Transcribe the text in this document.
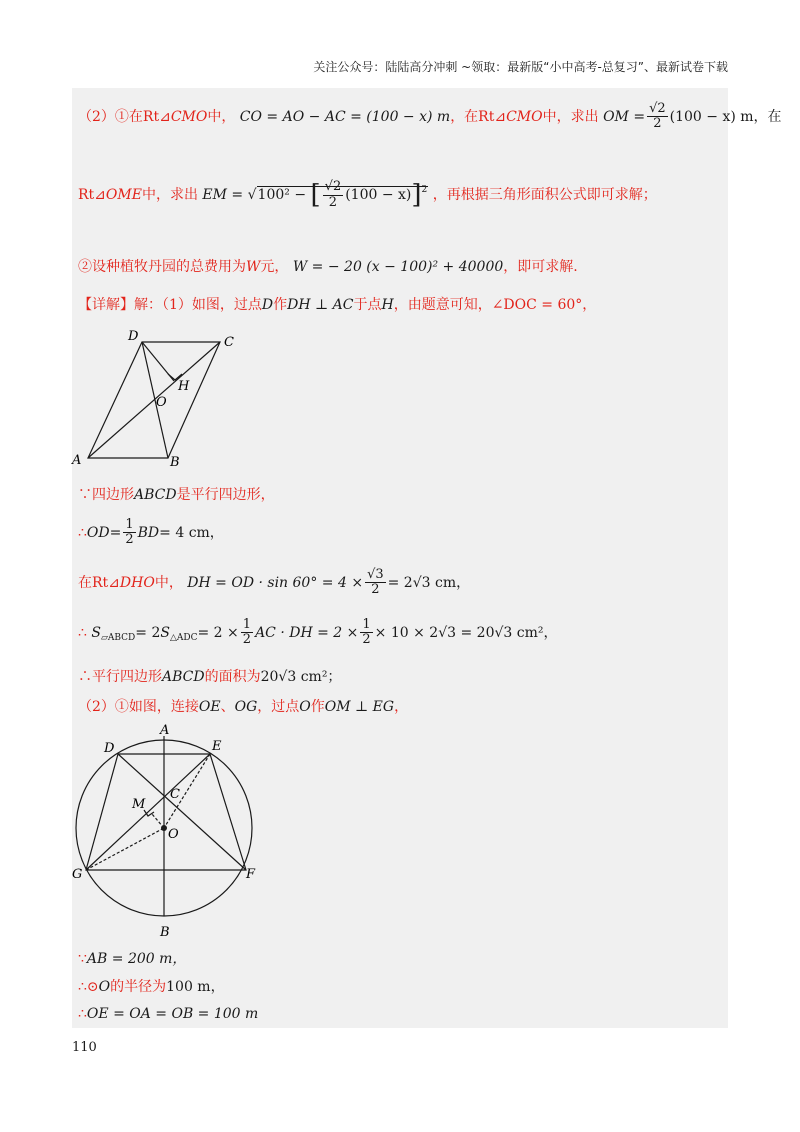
关注公众号：陆陆高分冲刺 ~领取：最新版“小中高考-总复习”、最新试卷下载
（2）①在Rt⊿CMO中， CO = AO − AC = (100 − x) m，在Rt⊿CMO中，求出 OM = $\frac{√2}{2} (100 - x)$ m，在
Rt⊿OME中，求出 EM = √100² − [ $\frac{√2}{2} (100 - x)]^2$ ，再根据三角形面积公式即可求解；
②设种植牧丹园的总费用为W元， W = − 20 (x − 100)² + 40000，即可求解.
【详解】解：（1）如图，过点D作DH ⊥ AC于点H，由题意可知，∠DOC = 60°，
A	B
C
D
H
O
∵四边形ABCD是平行四边形，
∴OD= $\frac{1}{2} BD= 4$ cm，
在Rt⊿DHO中， DH = OD · $\sin 60^\circ = 4 \times \frac{√3}{2} = 2√3$ cm，
∴ $S_{▱ABCD}= 2S_{\triangle ADC}= 2 \times \frac{1}{2}$ AC · DH = $2 \times \frac{1}{2} \times 10 \times 2√3 = 20√3$ cm²，
∴平行四边形ABCD的面积为20√3 cm²；
（2）①如图，连接OE、OG，过点O作OM ⊥ EG，
A
B
C
D	E
F
G
M
O
∵AB = 200 m，
∴⊙O的半径为100 m，
∴OE = OA = OB = 100 m
110
